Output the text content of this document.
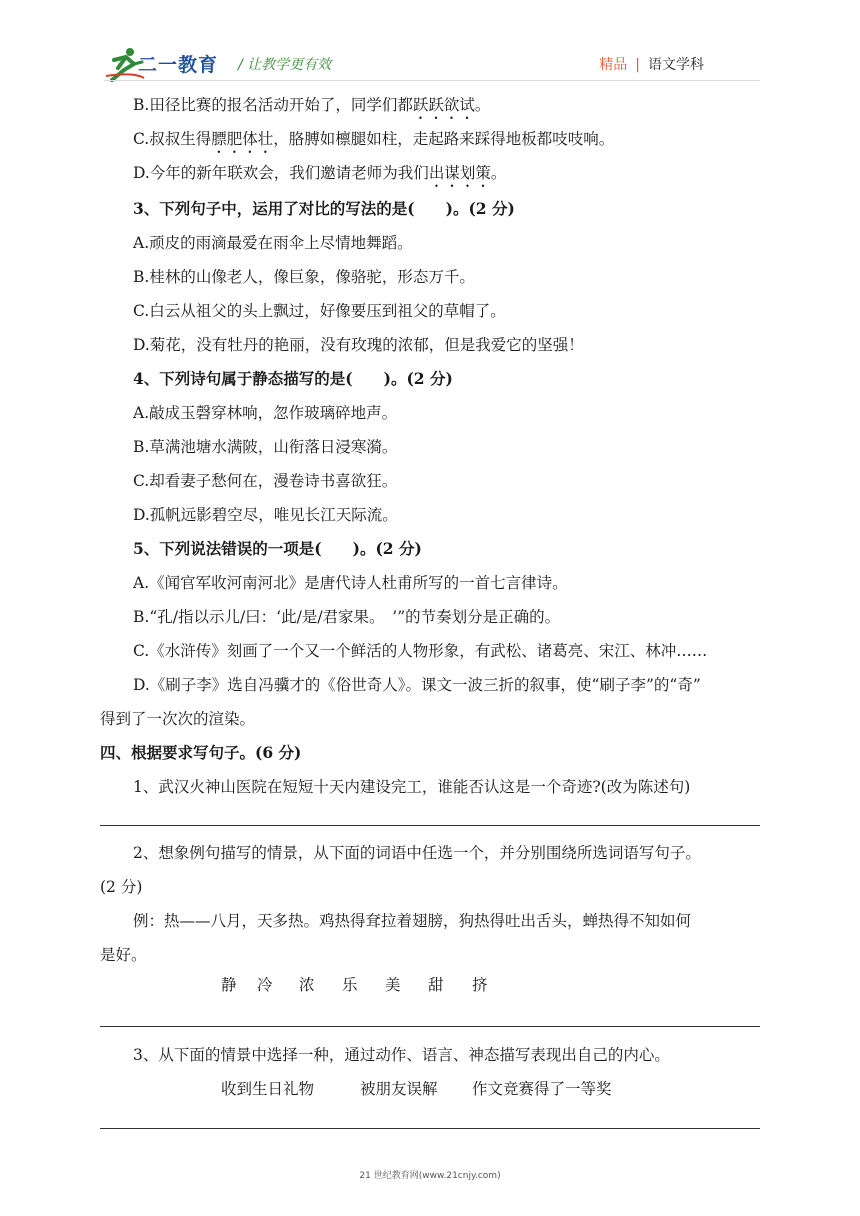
二一教育 / 让教学更有效	精品 | 语文学科
B.田径比赛的报名活动开始了，同学们都跃跃欲试。
C.叔叔生得膘肥体壮，胳膊如檩腿如柱，走起路来踩得地板都吱吱响。
D.今年的新年联欢会，我们邀请老师为我们出谋划策。
3、下列句子中，运用了对比的写法的是(　　)。(2 分)
A.顽皮的雨滴最爱在雨伞上尽情地舞蹈。
B.桂林的山像老人，像巨象，像骆驼，形态万千。
C.白云从祖父的头上飘过，好像要压到祖父的草帽了。
D.菊花，没有牡丹的艳丽，没有玫瑰的浓郁，但是我爱它的坚强！
4、下列诗句属于静态描写的是(　　)。(2 分)
A.敲成玉磬穿林响，忽作玻璃碎地声。
B.草满池塘水满陂，山衔落日浸寒漪。
C.却看妻子愁何在，漫卷诗书喜欲狂。
D.孤帆远影碧空尽，唯见长江天际流。
5、下列说法错误的一项是(　　)。(2 分)
A.《闻官军收河南河北》是唐代诗人杜甫所写的一首七言律诗。
B.“孔/指以示儿/曰：‘此/是/君家果。　’”的节奏划分是正确的。
C.《水浒传》刻画了一个又一个鲜活的人物形象，有武松、诸葛亮、宋江、林冲……
D.《刷子李》选自冯骥才的《俗世奇人》。课文一波三折的叙事，使“刷子李”的“奇”
得到了一次次的渲染。
四、根据要求写句子。(6 分)
1、武汉火神山医院在短短十天内建设完工，谁能否认这是一个奇迹?(改为陈述句)
2、想象例句描写的情景，从下面的词语中任选一个，并分别围绕所选词语写句子。
(2 分)
例：热——八月，天多热。鸡热得耷拉着翅膀，狗热得吐出舌头，蝉热得不知如何
是好。
静 冷 浓 乐 美 甜 挤
3、从下面的情景中选择一种，通过动作、语言、神态描写表现出自己的内心。
收到生日礼物	被朋友误解 作文竞赛得了一等奖
21 世纪教育网(www.21cnjy.com)
